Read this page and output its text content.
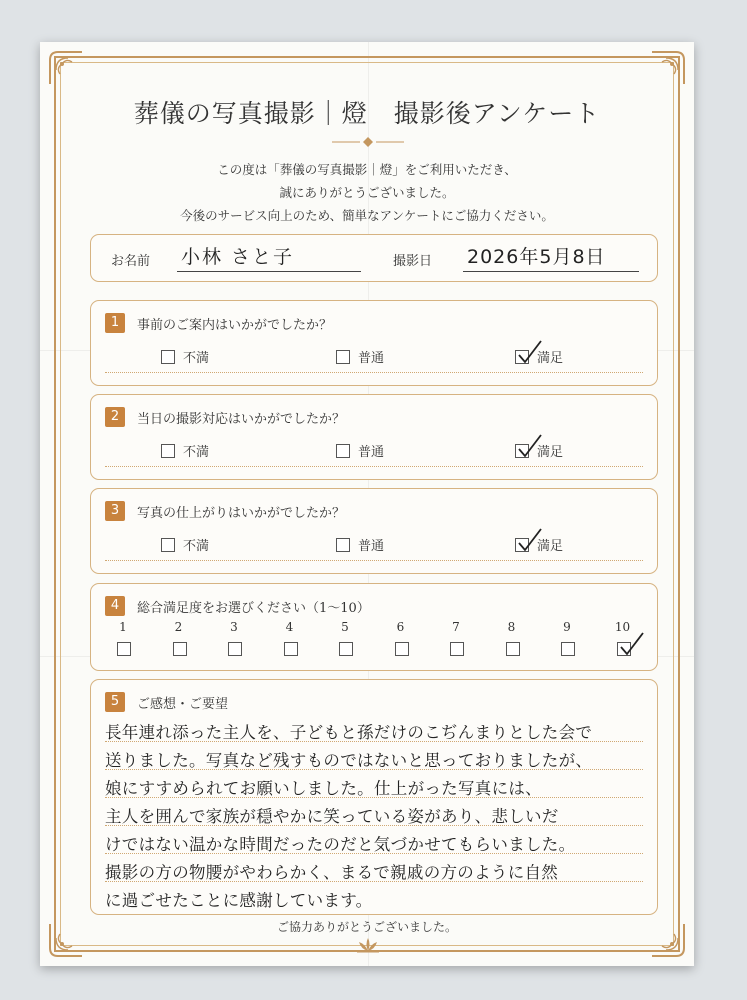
葬儀の写真撮影｜燈　撮影後アンケート
この度は「葬儀の写真撮影｜燈」をご利用いただき、
誠にありがとうございました。
今後のサービス向上のため、簡単なアンケートにご協力ください。
お名前 小林 さと子	撮影日 2026年5月8日
1	事前のご案内はいかがでしたか？
不満	普通	満足
2	当日の撮影対応はいかがでしたか？
不満	普通	満足
3	写真の仕上がりはいかがでしたか？
不満	普通	満足
4	総合満足度をお選びください（1～10）
1	2	3	4	5	6	7	8	9	10
5	ご感想・ご要望
長年連れ添った主人を、子どもと孫だけのこぢんまりとした会で
送りました。写真など残すものではないと思っておりましたが、
娘にすすめられてお願いしました。仕上がった写真には、
主人を囲んで家族が穏やかに笑っている姿があり、悲しいだ
けではない温かな時間だったのだと気づかせてもらいました。
撮影の方の物腰がやわらかく、まるで親戚の方のように自然
に過ごせたことに感謝しています。
ご協力ありがとうございました。
